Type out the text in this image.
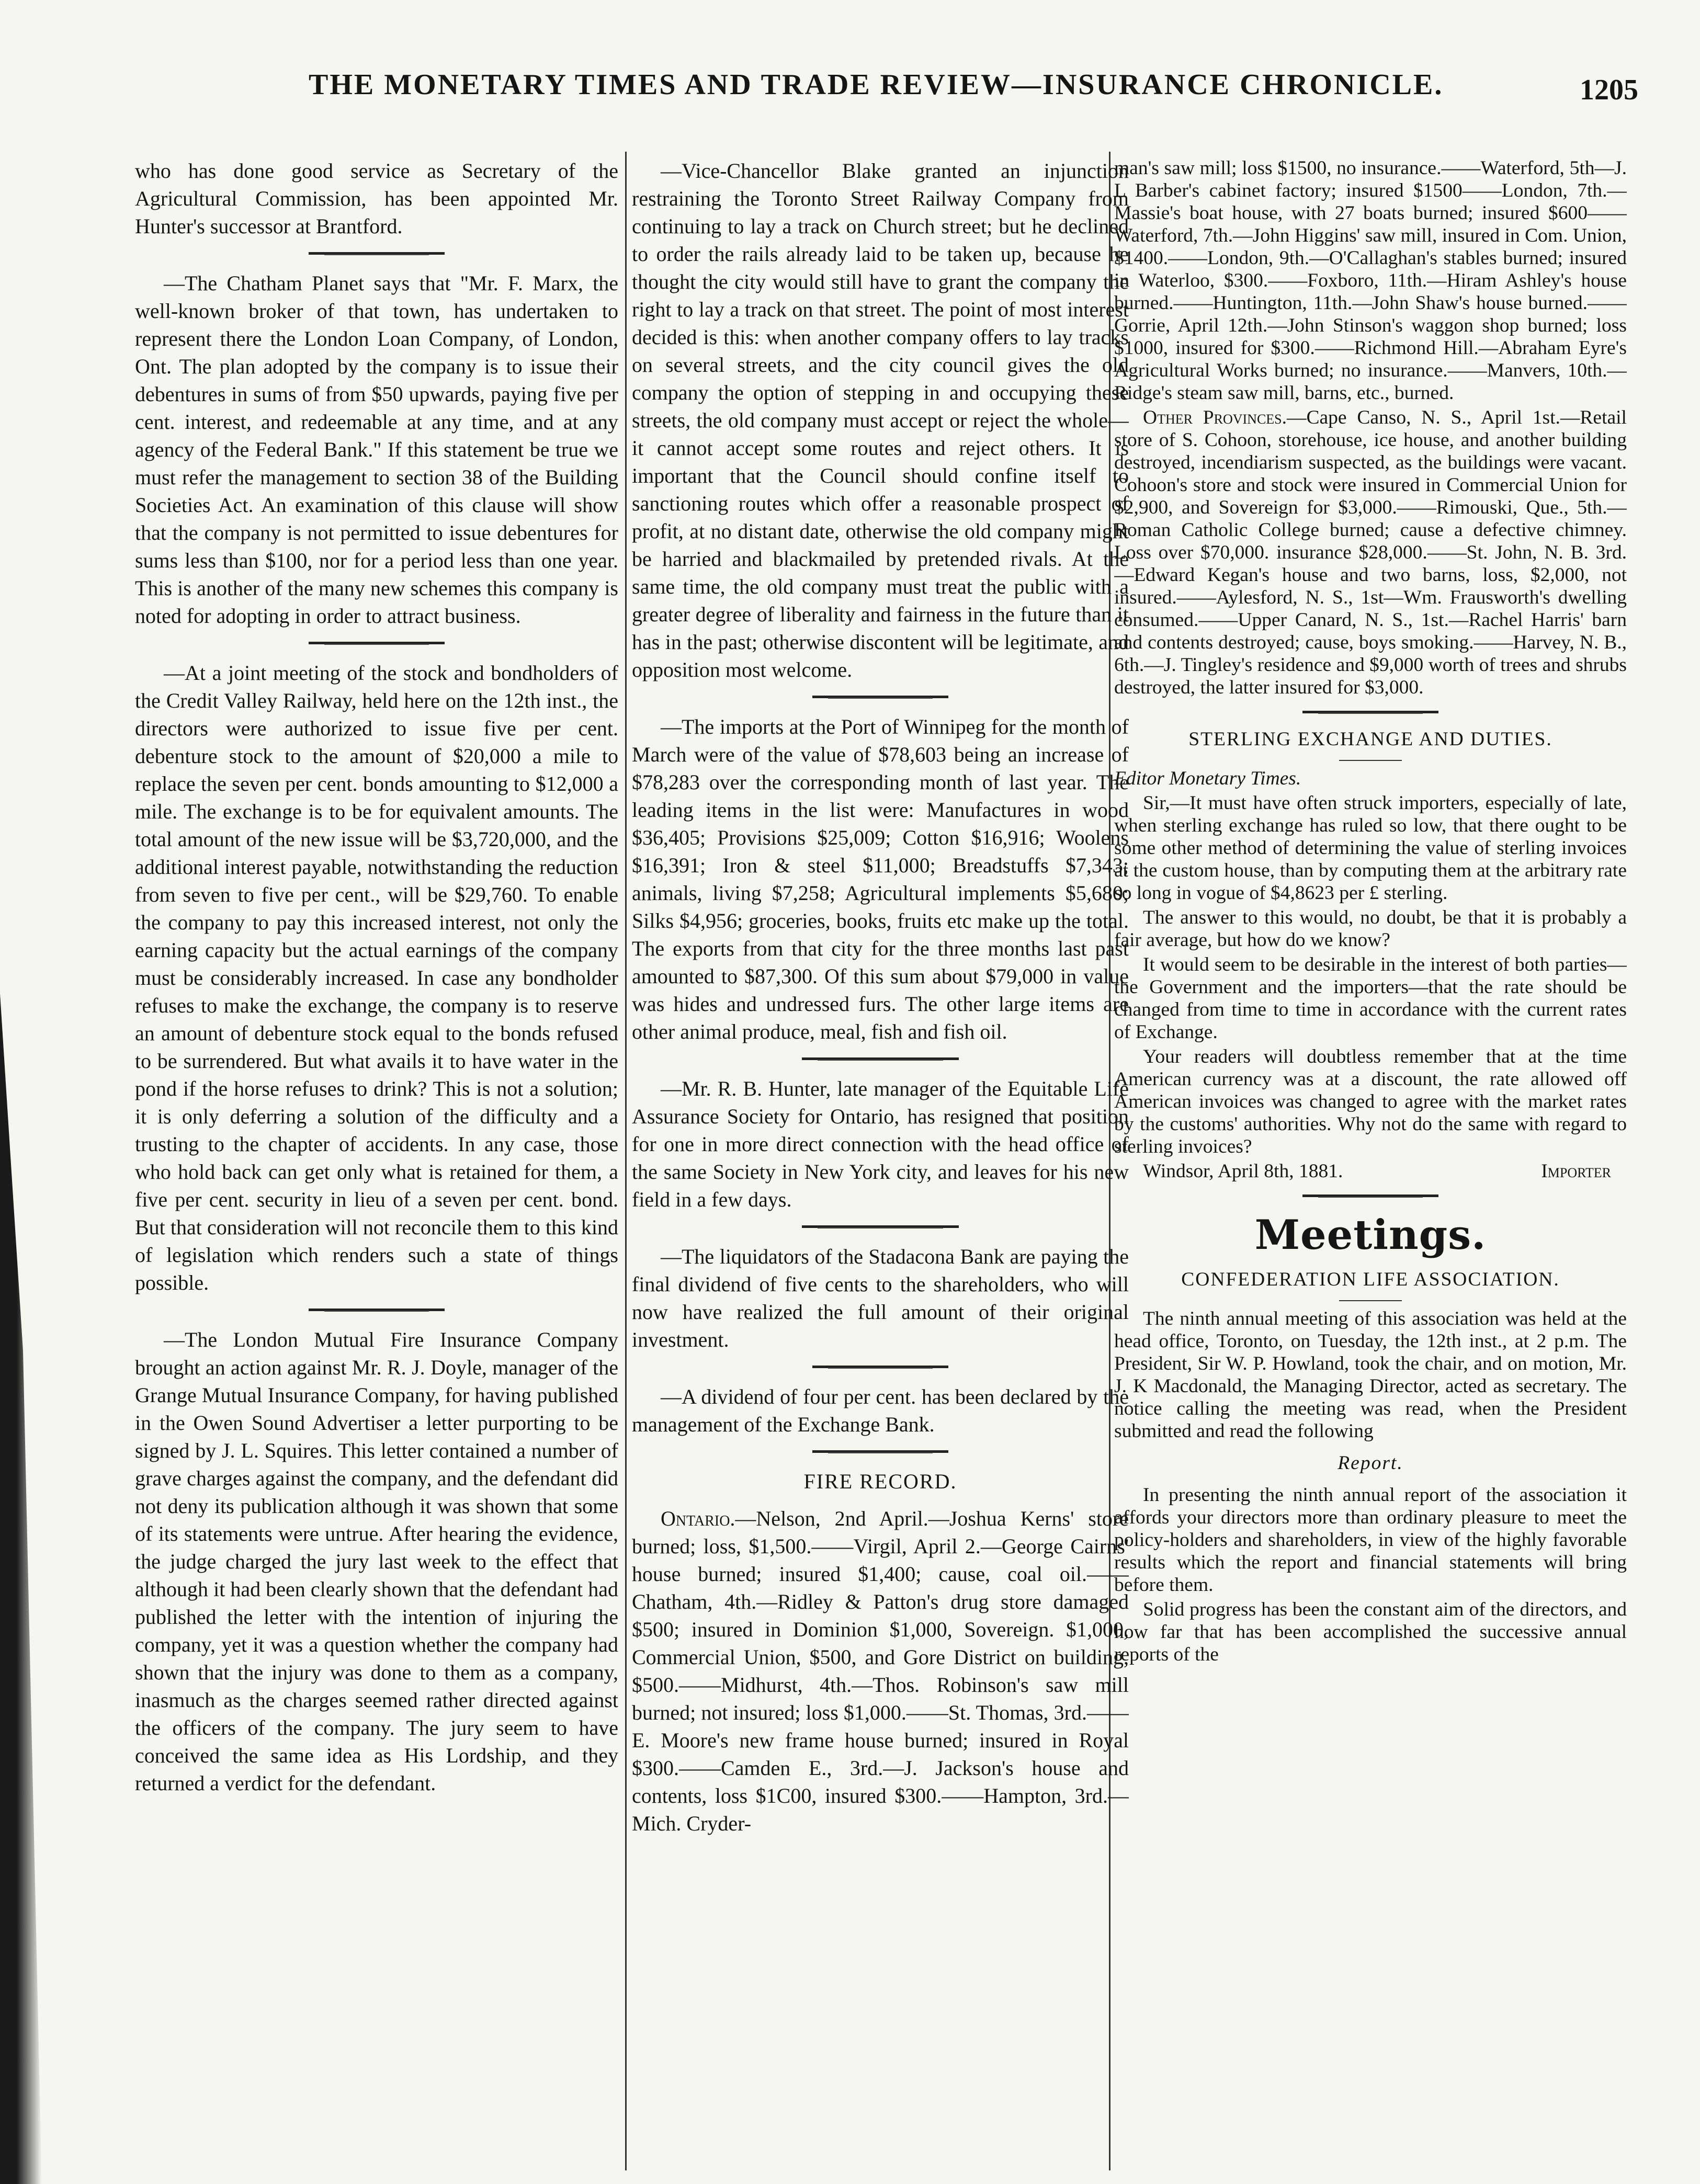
THE MONETARY TIMES AND TRADE REVIEW—INSURANCE CHRONICLE.	1205

who has done good service as Secretary of the Agricultural Commission, has been appointed Mr. Hunter's successor at Brantford.

—The Chatham Planet says that "Mr. F. Marx, the well-known broker of that town, has undertaken to represent there the London Loan Company, of London, Ont. The plan adopted by the company is to issue their debentures in sums of from $50 upwards, paying five per cent. interest, and redeemable at any time, and at any agency of the Federal Bank." If this statement be true we must refer the management to section 38 of the Building Societies Act. An examination of this clause will show that the company is not permitted to issue debentures for sums less than $100, nor for a period less than one year. This is another of the many new schemes this company is noted for adopting in order to attract business.

—At a joint meeting of the stock and bondholders of the Credit Valley Railway, held here on the 12th inst., the directors were authorized to issue five per cent. debenture stock to the amount of $20,000 a mile to replace the seven per cent. bonds amounting to $12,000 a mile. The exchange is to be for equivalent amounts. The total amount of the new issue will be $3,720,000, and the additional interest payable, notwithstanding the reduction from seven to five per cent., will be $29,760. To enable the company to pay this increased interest, not only the earning capacity but the actual earnings of the company must be considerably increased. In case any bondholder refuses to make the exchange, the company is to reserve an amount of debenture stock equal to the bonds refused to be surrendered. But what avails it to have water in the pond if the horse refuses to drink? This is not a solution; it is only deferring a solution of the difficulty and a trusting to the chapter of accidents. In any case, those who hold back can get only what is retained for them, a five per cent. security in lieu of a seven per cent. bond. But that consideration will not reconcile them to this kind of legislation which renders such a state of things possible.

—The London Mutual Fire Insurance Company brought an action against Mr. R. J. Doyle, manager of the Grange Mutual Insurance Company, for having published in the Owen Sound Advertiser a letter purporting to be signed by J. L. Squires. This letter contained a number of grave charges against the company, and the defendant did not deny its publication although it was shown that some of its statements were untrue. After hearing the evidence, the judge charged the jury last week to the effect that although it had been clearly shown that the defendant had published the letter with the intention of injuring the company, yet it was a question whether the company had shown that the injury was done to them as a company, inasmuch as the charges seemed rather directed against the officers of the company. The jury seem to have conceived the same idea as His Lordship, and they returned a verdict for the defendant.

—Vice-Chancellor Blake granted an injunction restraining the Toronto Street Railway Company from continuing to lay a track on Church street; but he declined to order the rails already laid to be taken up, because he thought the city would still have to grant the company the right to lay a track on that street. The point of most interest decided is this: when another company offers to lay tracks on several streets, and the city council gives the old company the option of stepping in and occupying these streets, the old company must accept or reject the whole—it cannot accept some routes and reject others. It is important that the Council should confine itself to sanctioning routes which offer a reasonable prospect of profit, at no distant date, otherwise the old company might be harried and blackmailed by pretended rivals. At the same time, the old company must treat the public with a greater degree of liberality and fairness in the future than it has in the past; otherwise discontent will be legitimate, and opposition most welcome.

—The imports at the Port of Winnipeg for the month of March were of the value of $78,603 being an increase of $78,283 over the corresponding month of last year. The leading items in the list were: Manufactures in wood $36,405; Provisions $25,009; Cotton $16,916; Woolens $16,391; Iron & steel $11,000; Breadstuffs $7,343; animals, living $7,258; Agricultural implements $5,680; Silks $4,956; groceries, books, fruits etc make up the total. The exports from that city for the three months last past amounted to $87,300. Of this sum about $79,000 in value was hides and undressed furs. The other large items are other animal produce, meal, fish and fish oil.

—Mr. R. B. Hunter, late manager of the Equitable Life Assurance Society for Ontario, has resigned that position for one in more direct connection with the head office of the same Society in New York city, and leaves for his new field in a few days.

—The liquidators of the Stadacona Bank are paying the final dividend of five cents to the shareholders, who will now have realized the full amount of their original investment.

—A dividend of four per cent. has been declared by the management of the Exchange Bank.

FIRE RECORD.

Ontario.—Nelson, 2nd April.—Joshua Kerns' store burned; loss, $1,500.——Virgil, April 2.—George Cairns' house burned; insured $1,400; cause, coal oil.——Chatham, 4th.—Ridley & Patton's drug store damaged $500; insured in Dominion $1,000, Sovereign. $1,000, Commercial Union, $500, and Gore District on building, $500.——Midhurst, 4th.—Thos. Robinson's saw mill burned; not insured; loss $1,000.——St. Thomas, 3rd.——E. Moore's new frame house burned; insured in Royal $300.——Camden E., 3rd.—J. Jackson's house and contents, loss $1C00, insured $300.——Hampton, 3rd.—Mich. Cryder-

man's saw mill; loss $1500, no insurance.——Waterford, 5th—J. L Barber's cabinet factory; insured $1500——London, 7th.—Massie's boat house, with 27 boats burned; insured $600——Waterford, 7th.—John Higgins' saw mill, insured in Com. Union, $1400.——London, 9th.—O'Callaghan's stables burned; insured in Waterloo, $300.——Foxboro, 11th.—Hiram Ashley's house burned.——Huntington, 11th.—John Shaw's house burned.——Gorrie, April 12th.—John Stinson's waggon shop burned; loss $1000, insured for $300.——Richmond Hill.—Abraham Eyre's Agricultural Works burned; no insurance.——Manvers, 10th.—Ridge's steam saw mill, barns, etc., burned.

Other Provinces.—Cape Canso, N. S., April 1st.—Retail store of S. Cohoon, storehouse, ice house, and another building destroyed, incendiarism suspected, as the buildings were vacant. Cohoon's store and stock were insured in Commercial Union for $2,900, and Sovereign for $3,000.——Rimouski, Que., 5th.—Roman Catholic College burned; cause a defective chimney. Loss over $70,000. insurance $28,000.——St. John, N. B. 3rd.—Edward Kegan's house and two barns, loss, $2,000, not insured.——Aylesford, N. S., 1st—Wm. Frausworth's dwelling consumed.——Upper Canard, N. S., 1st.—Rachel Harris' barn and contents destroyed; cause, boys smoking.——Harvey, N. B., 6th.—J. Tingley's residence and $9,000 worth of trees and shrubs destroyed, the latter insured for $3,000.

STERLING EXCHANGE AND DUTIES.

Editor Monetary Times.

Sir,—It must have often struck importers, especially of late, when sterling exchange has ruled so low, that there ought to be some other method of determining the value of sterling invoices at the custom house, than by computing them at the arbitrary rate so long in vogue of $4,8623 per £ sterling.

The answer to this would, no doubt, be that it is probably a fair average, but how do we know?

It would seem to be desirable in the interest of both parties—the Government and the importers—that the rate should be changed from time to time in accordance with the current rates of Exchange.

Your readers will doubtless remember that at the time American currency was at a discount, the rate allowed off American invoices was changed to agree with the market rates by the customs' authorities. Why not do the same with regard to sterling invoices?

Windsor, April 8th, 1881.	Importer

Meetings.

CONFEDERATION LIFE ASSOCIATION.

The ninth annual meeting of this association was held at the head office, Toronto, on Tuesday, the 12th inst., at 2 p.m. The President, Sir W. P. Howland, took the chair, and on motion, Mr. J. K Macdonald, the Managing Director, acted as secretary. The notice calling the meeting was read, when the President submitted and read the following

Report.

In presenting the ninth annual report of the association it affords your directors more than ordinary pleasure to meet the policy-holders and shareholders, in view of the highly favorable results which the report and financial statements will bring before them.

Solid progress has been the constant aim of the directors, and how far that has been accomplished the successive annual reports of the
